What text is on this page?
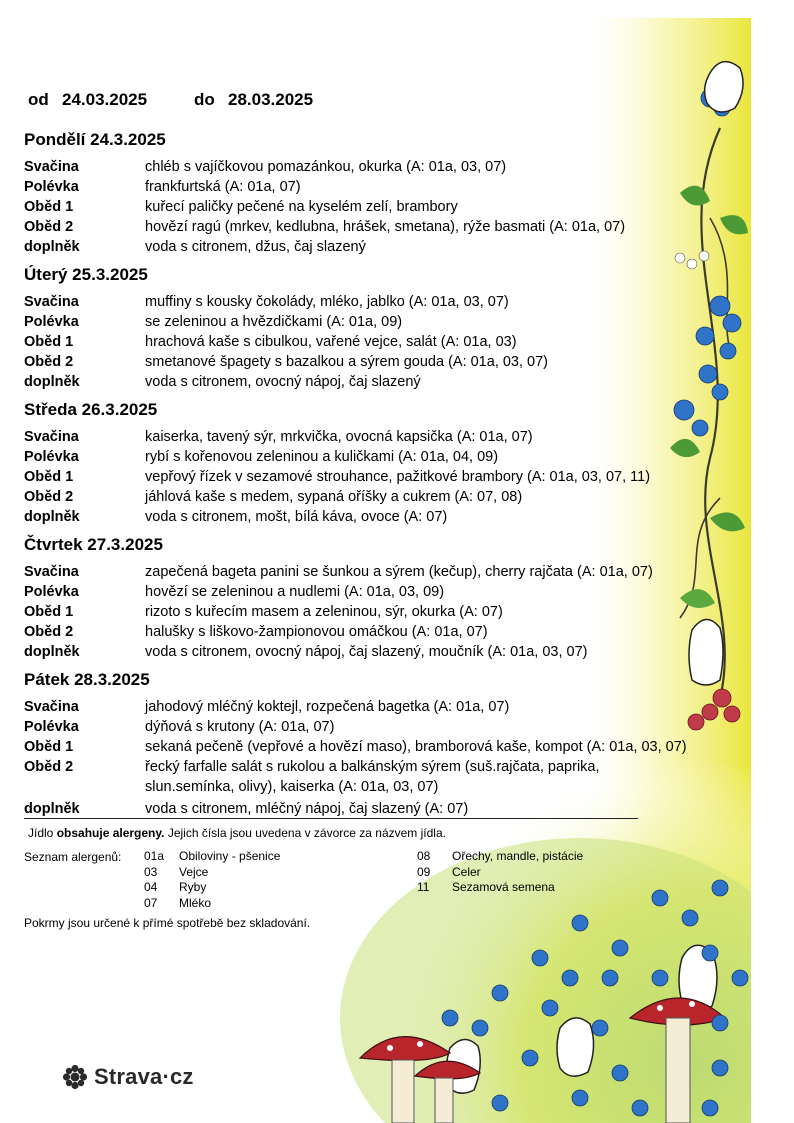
od 24.03.2025	do 28.03.2025
Pondělí 24.3.2025
Svačina	chléb s vajíčkovou pomazánkou, okurka (A: 01a, 03, 07)
Polévka	frankfurtská (A: 01a, 07)
Oběd 1	kuřecí paličky pečené na kyselém zelí, brambory
Oběd 2	hovězí ragú (mrkev, kedlubna, hrášek, smetana), rýže basmati (A: 01a, 07)
doplněk	voda s citronem, džus, čaj slazený
Úterý 25.3.2025
Svačina	muffiny s kousky čokolády, mléko, jablko (A: 01a, 03, 07)
Polévka	se zeleninou a hvězdičkami (A: 01a, 09)
Oběd 1	hrachová kaše s cibulkou, vařené vejce, salát (A: 01a, 03)
Oběd 2	smetanové špagety s bazalkou a sýrem gouda (A: 01a, 03, 07)
doplněk	voda s citronem, ovocný nápoj, čaj slazený
Středa 26.3.2025
Svačina	kaiserka, tavený sýr, mrkvička, ovocná kapsička (A: 01a, 07)
Polévka	rybí s kořenovou zeleninou a kuličkami (A: 01a, 04, 09)
Oběd 1	vepřový řízek v sezamové strouhance, pažitkové brambory (A: 01a, 03, 07, 11)
Oběd 2	jáhlová kaše s medem, sypaná oříšky a cukrem (A: 07, 08)
doplněk	voda s citronem, mošt, bílá káva, ovoce (A: 07)
Čtvrtek 27.3.2025
Svačina	zapečená bageta panini se šunkou a sýrem (kečup), cherry rajčata (A: 01a, 07)
Polévka	hovězí se zeleninou a nudlemi (A: 01a, 03, 09)
Oběd 1	rizoto s kuřecím masem a zeleninou, sýr, okurka (A: 07)
Oběd 2	halušky s liškovo-žampionovou omáčkou (A: 01a, 07)
doplněk	voda s citronem, ovocný nápoj, čaj slazený, moučník (A: 01a, 03, 07)
Pátek 28.3.2025
Svačina	jahodový mléčný koktejl, rozpečená bagetka (A: 01a, 07)
Polévka	dýňová s krutony (A: 01a, 07)
Oběd 1	sekaná pečeně (vepřové a hovězí maso), bramborová kaše, kompot (A: 01a, 03, 07)
Oběd 2	řecký farfalle salát s rukolou a balkánským sýrem (suš.rajčata, paprika, slun.semínka, olivy), kaiserka (A: 01a, 03, 07)
doplněk	voda s citronem, mléčný nápoj, čaj slazený (A: 07)
Jídlo obsahuje alergeny. Jejich čísla jsou uvedena v závorce za názvem jídla.
Seznam alergenů: 01a Obiloviny - pšenice
03 Vejce
04 Ryby
07 Mléko
08 Ořechy, mandle, pistácie
09 Celer
11 Sezamová semena
Pokrmy jsou určené k přímé spotřebě bez skladování.
Strava·cz
